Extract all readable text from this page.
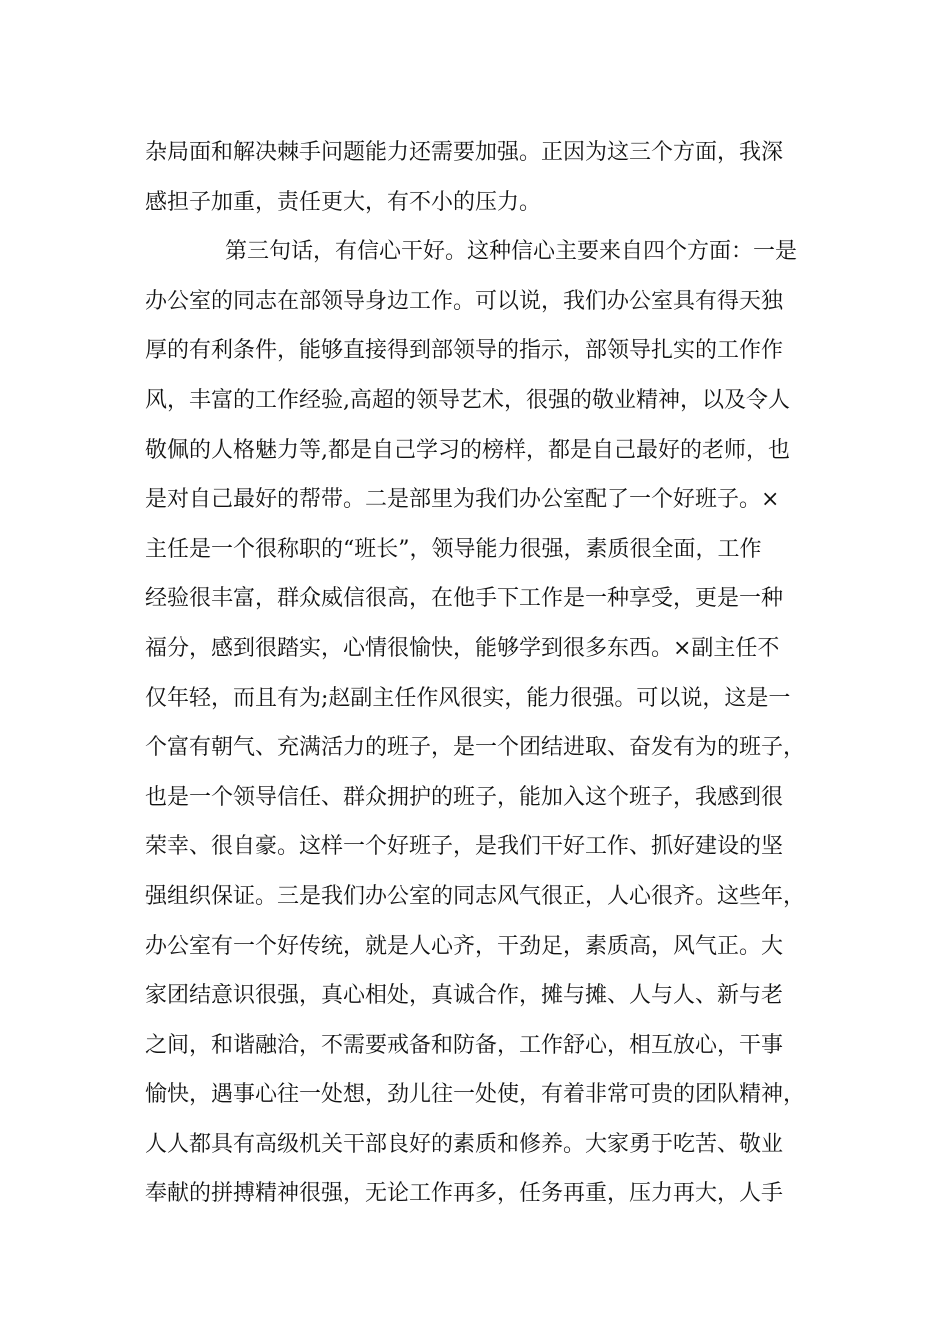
杂局面和解决棘手问题能力还需要加强。正因为这三个方面，我深
感担子加重，责任更大，有不小的压力。
第三句话，有信心干好。这种信心主要来自四个方面：一是
办公室的同志在部领导身边工作。可以说，我们办公室具有得天独
厚的有利条件，能够直接得到部领导的指示，部领导扎实的工作作
风，丰富的工作经验,高超的领导艺术，很强的敬业精神，以及令人
敬佩的人格魅力等,都是自己学习的榜样，都是自己最好的老师，也
是对自己最好的帮带。二是部里为我们办公室配了一个好班子。×
主任是一个很称职的“班长”，领导能力很强，素质很全面，工作
经验很丰富，群众威信很高，在他手下工作是一种享受，更是一种
福分，感到很踏实，心情很愉快，能够学到很多东西。×副主任不
仅年轻，而且有为;赵副主任作风很实，能力很强。可以说，这是一
个富有朝气、充满活力的班子，是一个团结进取、奋发有为的班子，
也是一个领导信任、群众拥护的班子，能加入这个班子，我感到很
荣幸、很自豪。这样一个好班子，是我们干好工作、抓好建设的坚
强组织保证。三是我们办公室的同志风气很正，人心很齐。这些年，
办公室有一个好传统，就是人心齐，干劲足，素质高，风气正。大
家团结意识很强，真心相处，真诚合作，摊与摊、人与人、新与老
之间，和谐融洽，不需要戒备和防备，工作舒心，相互放心，干事
愉快，遇事心往一处想，劲儿往一处使，有着非常可贵的团队精神，
人人都具有高级机关干部良好的素质和修养。大家勇于吃苦、敬业
奉献的拼搏精神很强，无论工作再多，任务再重，压力再大，人手
